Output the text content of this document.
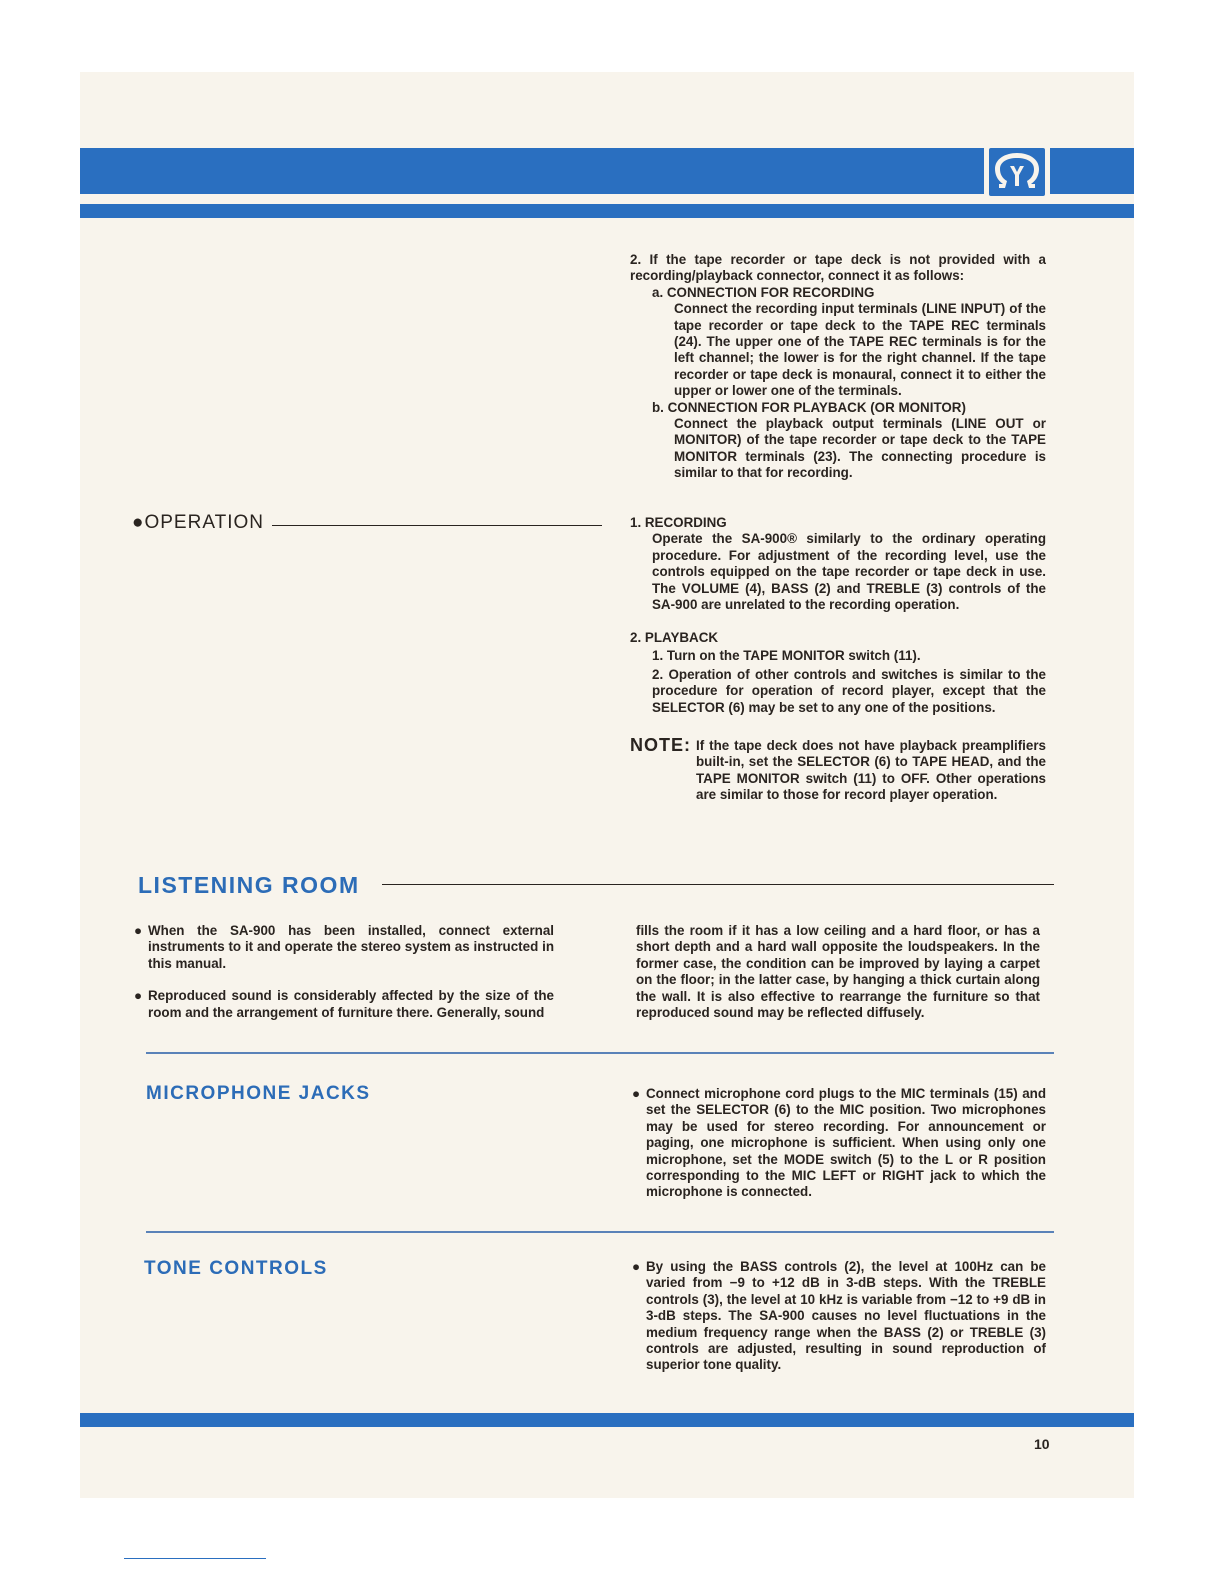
2. If the tape recorder or tape deck is not provided with a recording/playback connector, connect it as follows:

a. CONNECTION FOR RECORDING

Connect the recording input terminals (LINE INPUT) of the tape recorder or tape deck to the TAPE REC terminals (24). The upper one of the TAPE REC terminals is for the left channel; the lower is for the right channel. If the tape recorder or tape deck is monaural, connect it to either the upper or lower one of the terminals.

b. CONNECTION FOR PLAYBACK (OR MONITOR)

Connect the playback output terminals (LINE OUT or MONITOR) of the tape recorder or tape deck to the TAPE MONITOR terminals (23). The connecting procedure is similar to that for recording.

●OPERATION	1. RECORDING

Operate the SA-900® similarly to the ordinary operating procedure. For adjustment of the recording level, use the controls equipped on the tape recorder or tape deck in use. The VOLUME (4), BASS (2) and TREBLE (3) controls of the SA-900 are unrelated to the recording operation.

2. PLAYBACK

1. Turn on the TAPE MONITOR switch (11).

2. Operation of other controls and switches is similar to the procedure for operation of record player, except that the SELECTOR (6) may be set to any one of the positions.

NOTE: If the tape deck does not have playback preamplifiers built-in, set the SELECTOR (6) to TAPE HEAD, and the TAPE MONITOR switch (11) to OFF. Other operations are similar to those for record player operation.
LISTENING ROOM
● When the SA-900 has been installed, connect external instruments to it and operate the stereo system as instructed in this manual.
● Reproduced sound is considerably affected by the size of the room and the arrangement of furniture there. Generally, sound
fills the room if it has a low ceiling and a hard floor, or has a short depth and a hard wall opposite the loudspeakers. In the former case, the condition can be improved by laying a carpet on the floor; in the latter case, by hanging a thick curtain along the wall. It is also effective to rearrange the furniture so that reproduced sound may be reflected diffusely.
MICROPHONE JACKS	● Connect microphone cord plugs to the MIC terminals (15) and set the SELECTOR (6) to the MIC position. Two microphones may be used for stereo recording. For announcement or paging, one microphone is sufficient. When using only one microphone, set the MODE switch (5) to the L or R position corresponding to the MIC LEFT or RIGHT jack to which the microphone is connected.
TONE CONTROLS	● By using the BASS controls (2), the level at 100Hz can be varied from −9 to +12 dB in 3-dB steps. With the TREBLE controls (3), the level at 10 kHz is variable from −12 to +9 dB in 3-dB steps. The SA-900 causes no level fluctuations in the medium frequency range when the BASS (2) or TREBLE (3) controls are adjusted, resulting in sound reproduction of superior tone quality.
10
